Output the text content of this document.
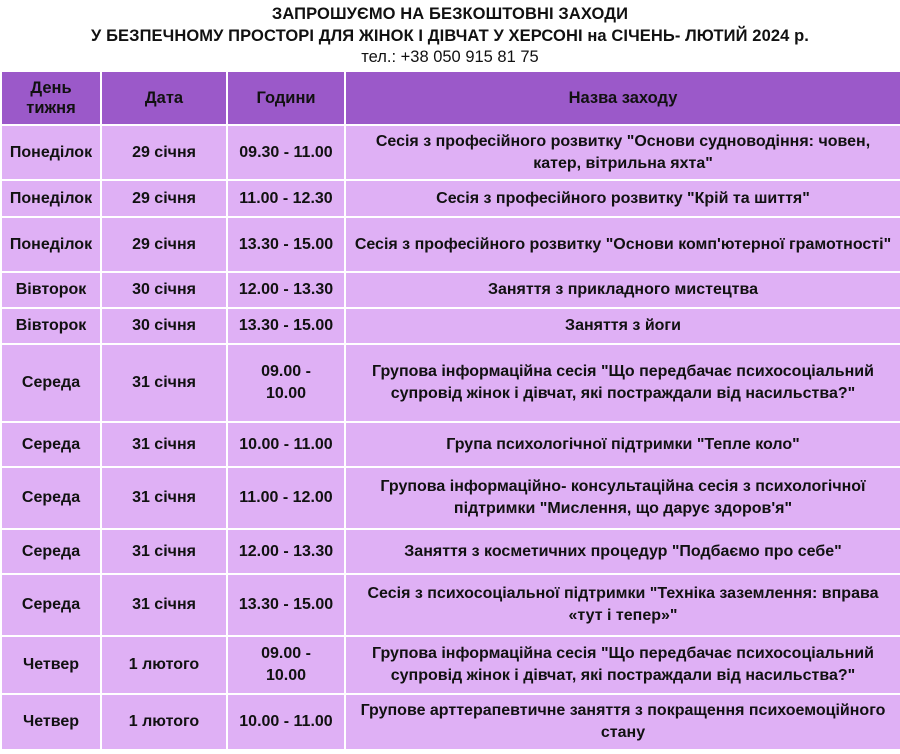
ЗАПРОШУЄМО НА БЕЗКОШТОВНІ ЗАХОДИ
У БЕЗПЕЧНОМУ ПРОСТОРІ ДЛЯ ЖІНОК І ДІВЧАТ У ХЕРСОНІ на СІЧЕНЬ- ЛЮТИЙ 2024 р.
тел.: +38 050 915 81 75
День тижня	Дата	Години	Назва заходу
Понеділок	29 січня	09.30 - 11.00	Сесія з професійного розвитку "Основи судноводіння: човен, катер, вітрильна яхта"
Понеділок	29 січня	11.00 - 12.30	Сесія з професійного розвитку "Крій та шиття"
Понеділок	29 січня	13.30 - 15.00	Сесія з професійного розвитку "Основи комп'ютерної грамотності"
Вівторок	30 січня	12.00 - 13.30	Заняття з прикладного мистецтва
Вівторок	30 січня	13.30 - 15.00	Заняття з йоги
Середа	31 січня	09.00 - 10.00	Групова інформаційна сесія "Що передбачає психосоціальний супровід жінок і дівчат, які постраждали від насильства?"
Середа	31 січня	10.00 - 11.00	Група психологічної підтримки "Тепле коло"
Середа	31 січня	11.00 - 12.00	Групова інформаційно- консультаційна сесія з психологічної підтримки "Мислення, що дарує здоров'я"
Середа	31 січня	12.00 - 13.30	Заняття з косметичних процедур "Подбаємо про себе"
Середа	31 січня	13.30 - 15.00	Сесія з психосоціальної підтримки "Техніка заземлення: вправа «тут і тепер»"
Четвер	1 лютого	09.00 - 10.00	Групова інформаційна сесія "Що передбачає психосоціальний супровід жінок і дівчат, які постраждали від насильства?"
Четвер	1 лютого	10.00 - 11.00	Групове арттерапевтичне заняття з покращення психоемоційного стану
